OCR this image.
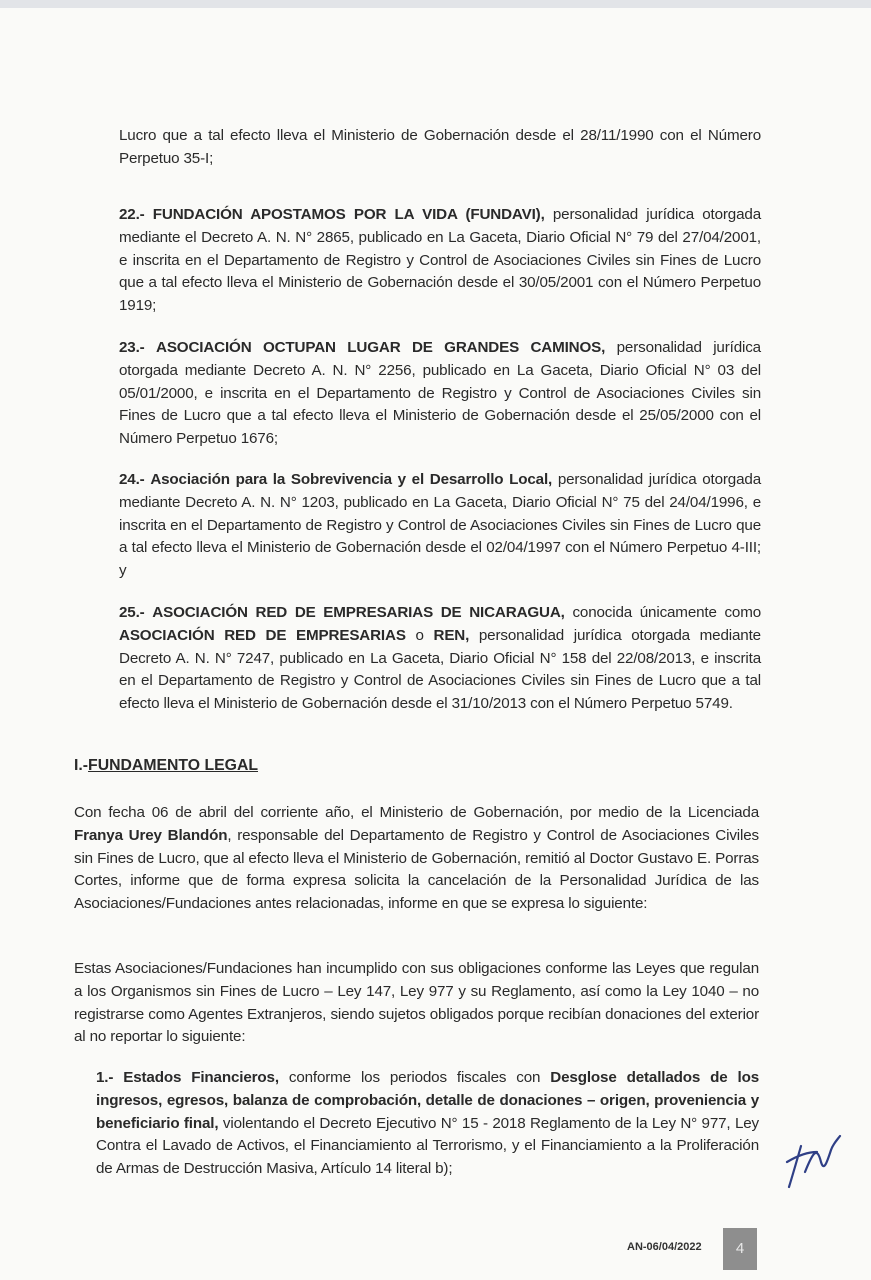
Lucro que a tal efecto lleva el Ministerio de Gobernación desde el 28/11/1990 con el Número Perpetuo 35-I;

22.- FUNDACIÓN APOSTAMOS POR LA VIDA (FUNDAVI), personalidad jurídica otorgada mediante el Decreto A. N. N° 2865, publicado en La Gaceta, Diario Oficial N° 79 del 27/04/2001, e inscrita en el Departamento de Registro y Control de Asociaciones Civiles sin Fines de Lucro que a tal efecto lleva el Ministerio de Gobernación desde el 30/05/2001 con el Número Perpetuo 1919;

23.- ASOCIACIÓN OCTUPAN LUGAR DE GRANDES CAMINOS, personalidad jurídica otorgada mediante Decreto A. N. N° 2256, publicado en La Gaceta, Diario Oficial N° 03 del 05/01/2000, e inscrita en el Departamento de Registro y Control de Asociaciones Civiles sin Fines de Lucro que a tal efecto lleva el Ministerio de Gobernación desde el 25/05/2000 con el Número Perpetuo 1676;

24.- Asociación para la Sobrevivencia y el Desarrollo Local, personalidad jurídica otorgada mediante Decreto A. N. N° 1203, publicado en La Gaceta, Diario Oficial N° 75 del 24/04/1996, e inscrita en el Departamento de Registro y Control de Asociaciones Civiles sin Fines de Lucro que a tal efecto lleva el Ministerio de Gobernación desde el 02/04/1997 con el Número Perpetuo 4-III; y

25.- ASOCIACIÓN RED DE EMPRESARIAS DE NICARAGUA, conocida únicamente como ASOCIACIÓN RED DE EMPRESARIAS o REN, personalidad jurídica otorgada mediante Decreto A. N. N° 7247, publicado en La Gaceta, Diario Oficial N° 158 del 22/08/2013, e inscrita en el Departamento de Registro y Control de Asociaciones Civiles sin Fines de Lucro que a tal efecto lleva el Ministerio de Gobernación desde el 31/10/2013 con el Número Perpetuo 5749.

I.-FUNDAMENTO LEGAL

Con fecha 06 de abril del corriente año, el Ministerio de Gobernación, por medio de la Licenciada Franya Urey Blandón, responsable del Departamento de Registro y Control de Asociaciones Civiles sin Fines de Lucro, que al efecto lleva el Ministerio de Gobernación, remitió al Doctor Gustavo E. Porras Cortes, informe que de forma expresa solicita la cancelación de la Personalidad Jurídica de las Asociaciones/Fundaciones antes relacionadas, informe en que se expresa lo siguiente:

Estas Asociaciones/Fundaciones han incumplido con sus obligaciones conforme las Leyes que regulan a los Organismos sin Fines de Lucro – Ley 147, Ley 977 y su Reglamento, así como la Ley 1040 – no registrarse como Agentes Extranjeros, siendo sujetos obligados porque recibían donaciones del exterior al no reportar lo siguiente:

1.- Estados Financieros, conforme los periodos fiscales con Desglose detallados de los ingresos, egresos, balanza de comprobación, detalle de donaciones – origen, proveniencia y beneficiario final, violentando el Decreto Ejecutivo N° 15 - 2018 Reglamento de la Ley N° 977, Ley Contra el Lavado de Activos, el Financiamiento al Terrorismo, y el Financiamiento a la Proliferación de Armas de Destrucción Masiva, Artículo 14 literal b);

AN-06/04/2022	4
